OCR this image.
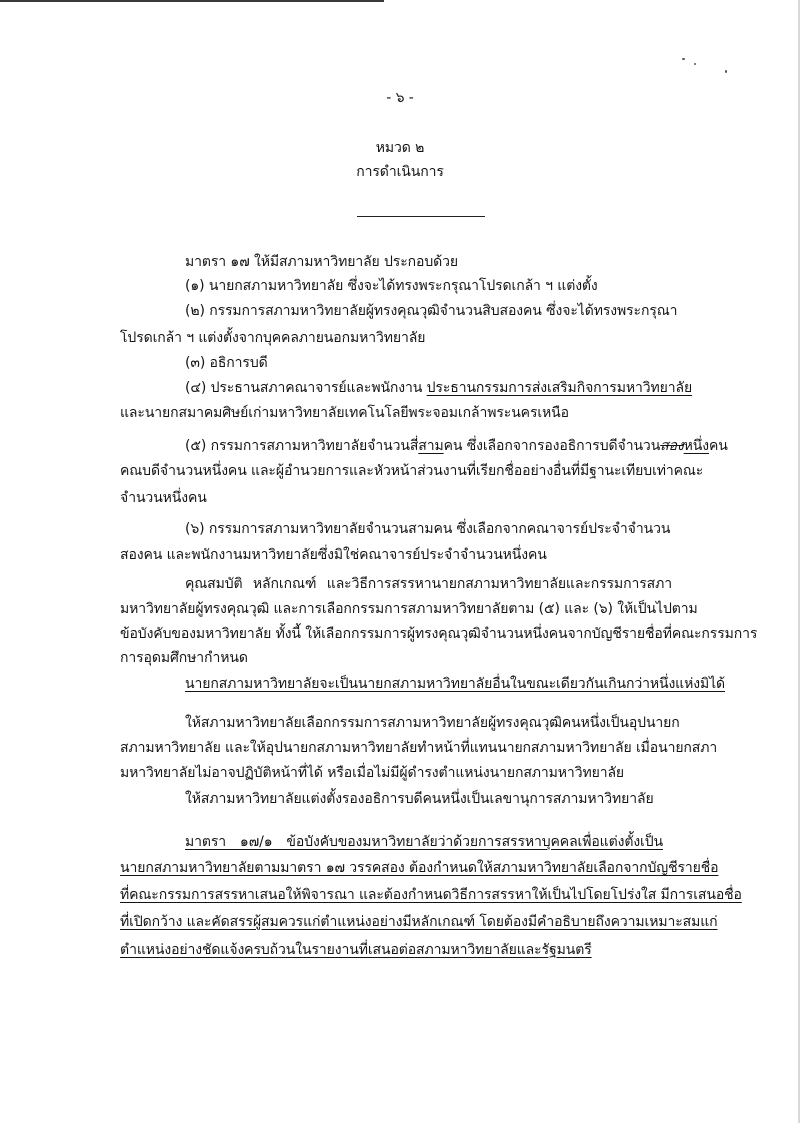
- ๖ -
หมวด ๒
การดำเนินการ
มาตรา ๑๗ ให้มีสภามหาวิทยาลัย ประกอบด้วย
(๑) นายกสภามหาวิทยาลัย ซึ่งจะได้ทรงพระกรุณาโปรดเกล้า ฯ แต่งตั้ง
(๒) กรรมการสภามหาวิทยาลัยผู้ทรงคุณวุฒิจำนวนสิบสองคน ซึ่งจะได้ทรงพระกรุณา
โปรดเกล้า ฯ แต่งตั้งจากบุคคลภายนอกมหาวิทยาลัย
(๓) อธิการบดี
(๔) ประธานสภาคณาจารย์และพนักงาน ประธานกรรมการส่งเสริมกิจการมหาวิทยาลัย
และนายกสมาคมศิษย์เก่ามหาวิทยาลัยเทคโนโลยีพระจอมเกล้าพระนครเหนือ
(๕) กรรมการสภามหาวิทยาลัยจำนวนสี่สามคน ซึ่งเลือกจากรองอธิการบดีจำนวนสองหนึ่งคน
คณบดีจำนวนหนึ่งคน และผู้อำนวยการและหัวหน้าส่วนงานที่เรียกชื่ออย่างอื่นที่มีฐานะเทียบเท่าคณะ
จำนวนหนึ่งคน
(๖) กรรมการสภามหาวิทยาลัยจำนวนสามคน ซึ่งเลือกจากคณาจารย์ประจำจำนวน
สองคน และพนักงานมหาวิทยาลัยซึ่งมิใช่คณาจารย์ประจำจำนวนหนึ่งคน
คุณสมบัติ หลักเกณฑ์ และวิธีการสรรหานายกสภามหาวิทยาลัยและกรรมการสภา
มหาวิทยาลัยผู้ทรงคุณวุฒิ และการเลือกกรรมการสภามหาวิทยาลัยตาม (๕) และ (๖) ให้เป็นไปตาม
ข้อบังคับของมหาวิทยาลัย ทั้งนี้ ให้เลือกกรรมการผู้ทรงคุณวุฒิจำนวนหนึ่งคนจากบัญชีรายชื่อที่คณะกรรมการ
การอุดมศึกษากำหนด
นายกสภามหาวิทยาลัยจะเป็นนายกสภามหาวิทยาลัยอื่นในขณะเดียวกันเกินกว่าหนึ่งแห่งมิได้
ให้สภามหาวิทยาลัยเลือกกรรมการสภามหาวิทยาลัยผู้ทรงคุณวุฒิคนหนึ่งเป็นอุปนายก
สภามหาวิทยาลัย และให้อุปนายกสภามหาวิทยาลัยทำหน้าที่แทนนายกสภามหาวิทยาลัย เมื่อนายกสภา
มหาวิทยาลัยไม่อาจปฏิบัติหน้าที่ได้ หรือเมื่อไม่มีผู้ดำรงตำแหน่งนายกสภามหาวิทยาลัย
ให้สภามหาวิทยาลัยแต่งตั้งรองอธิการบดีคนหนึ่งเป็นเลขานุการสภามหาวิทยาลัย
มาตรา ๑๗/๑ ข้อบังคับของมหาวิทยาลัยว่าด้วยการสรรหาบุคคลเพื่อแต่งตั้งเป็น
นายกสภามหาวิทยาลัยตามมาตรา ๑๗ วรรคสอง ต้องกำหนดให้สภามหาวิทยาลัยเลือกจากบัญชีรายชื่อ
ที่คณะกรรมการสรรหาเสนอให้พิจารณา และต้องกำหนดวิธีการสรรหาให้เป็นไปโดยโปร่งใส มีการเสนอชื่อ
ที่เปิดกว้าง และคัดสรรผู้สมควรแก่ตำแหน่งอย่างมีหลักเกณฑ์ โดยต้องมีคำอธิบายถึงความเหมาะสมแก่
ตำแหน่งอย่างชัดแจ้งครบถ้วนในรายงานที่เสนอต่อสภามหาวิทยาลัยและรัฐมนตรี
